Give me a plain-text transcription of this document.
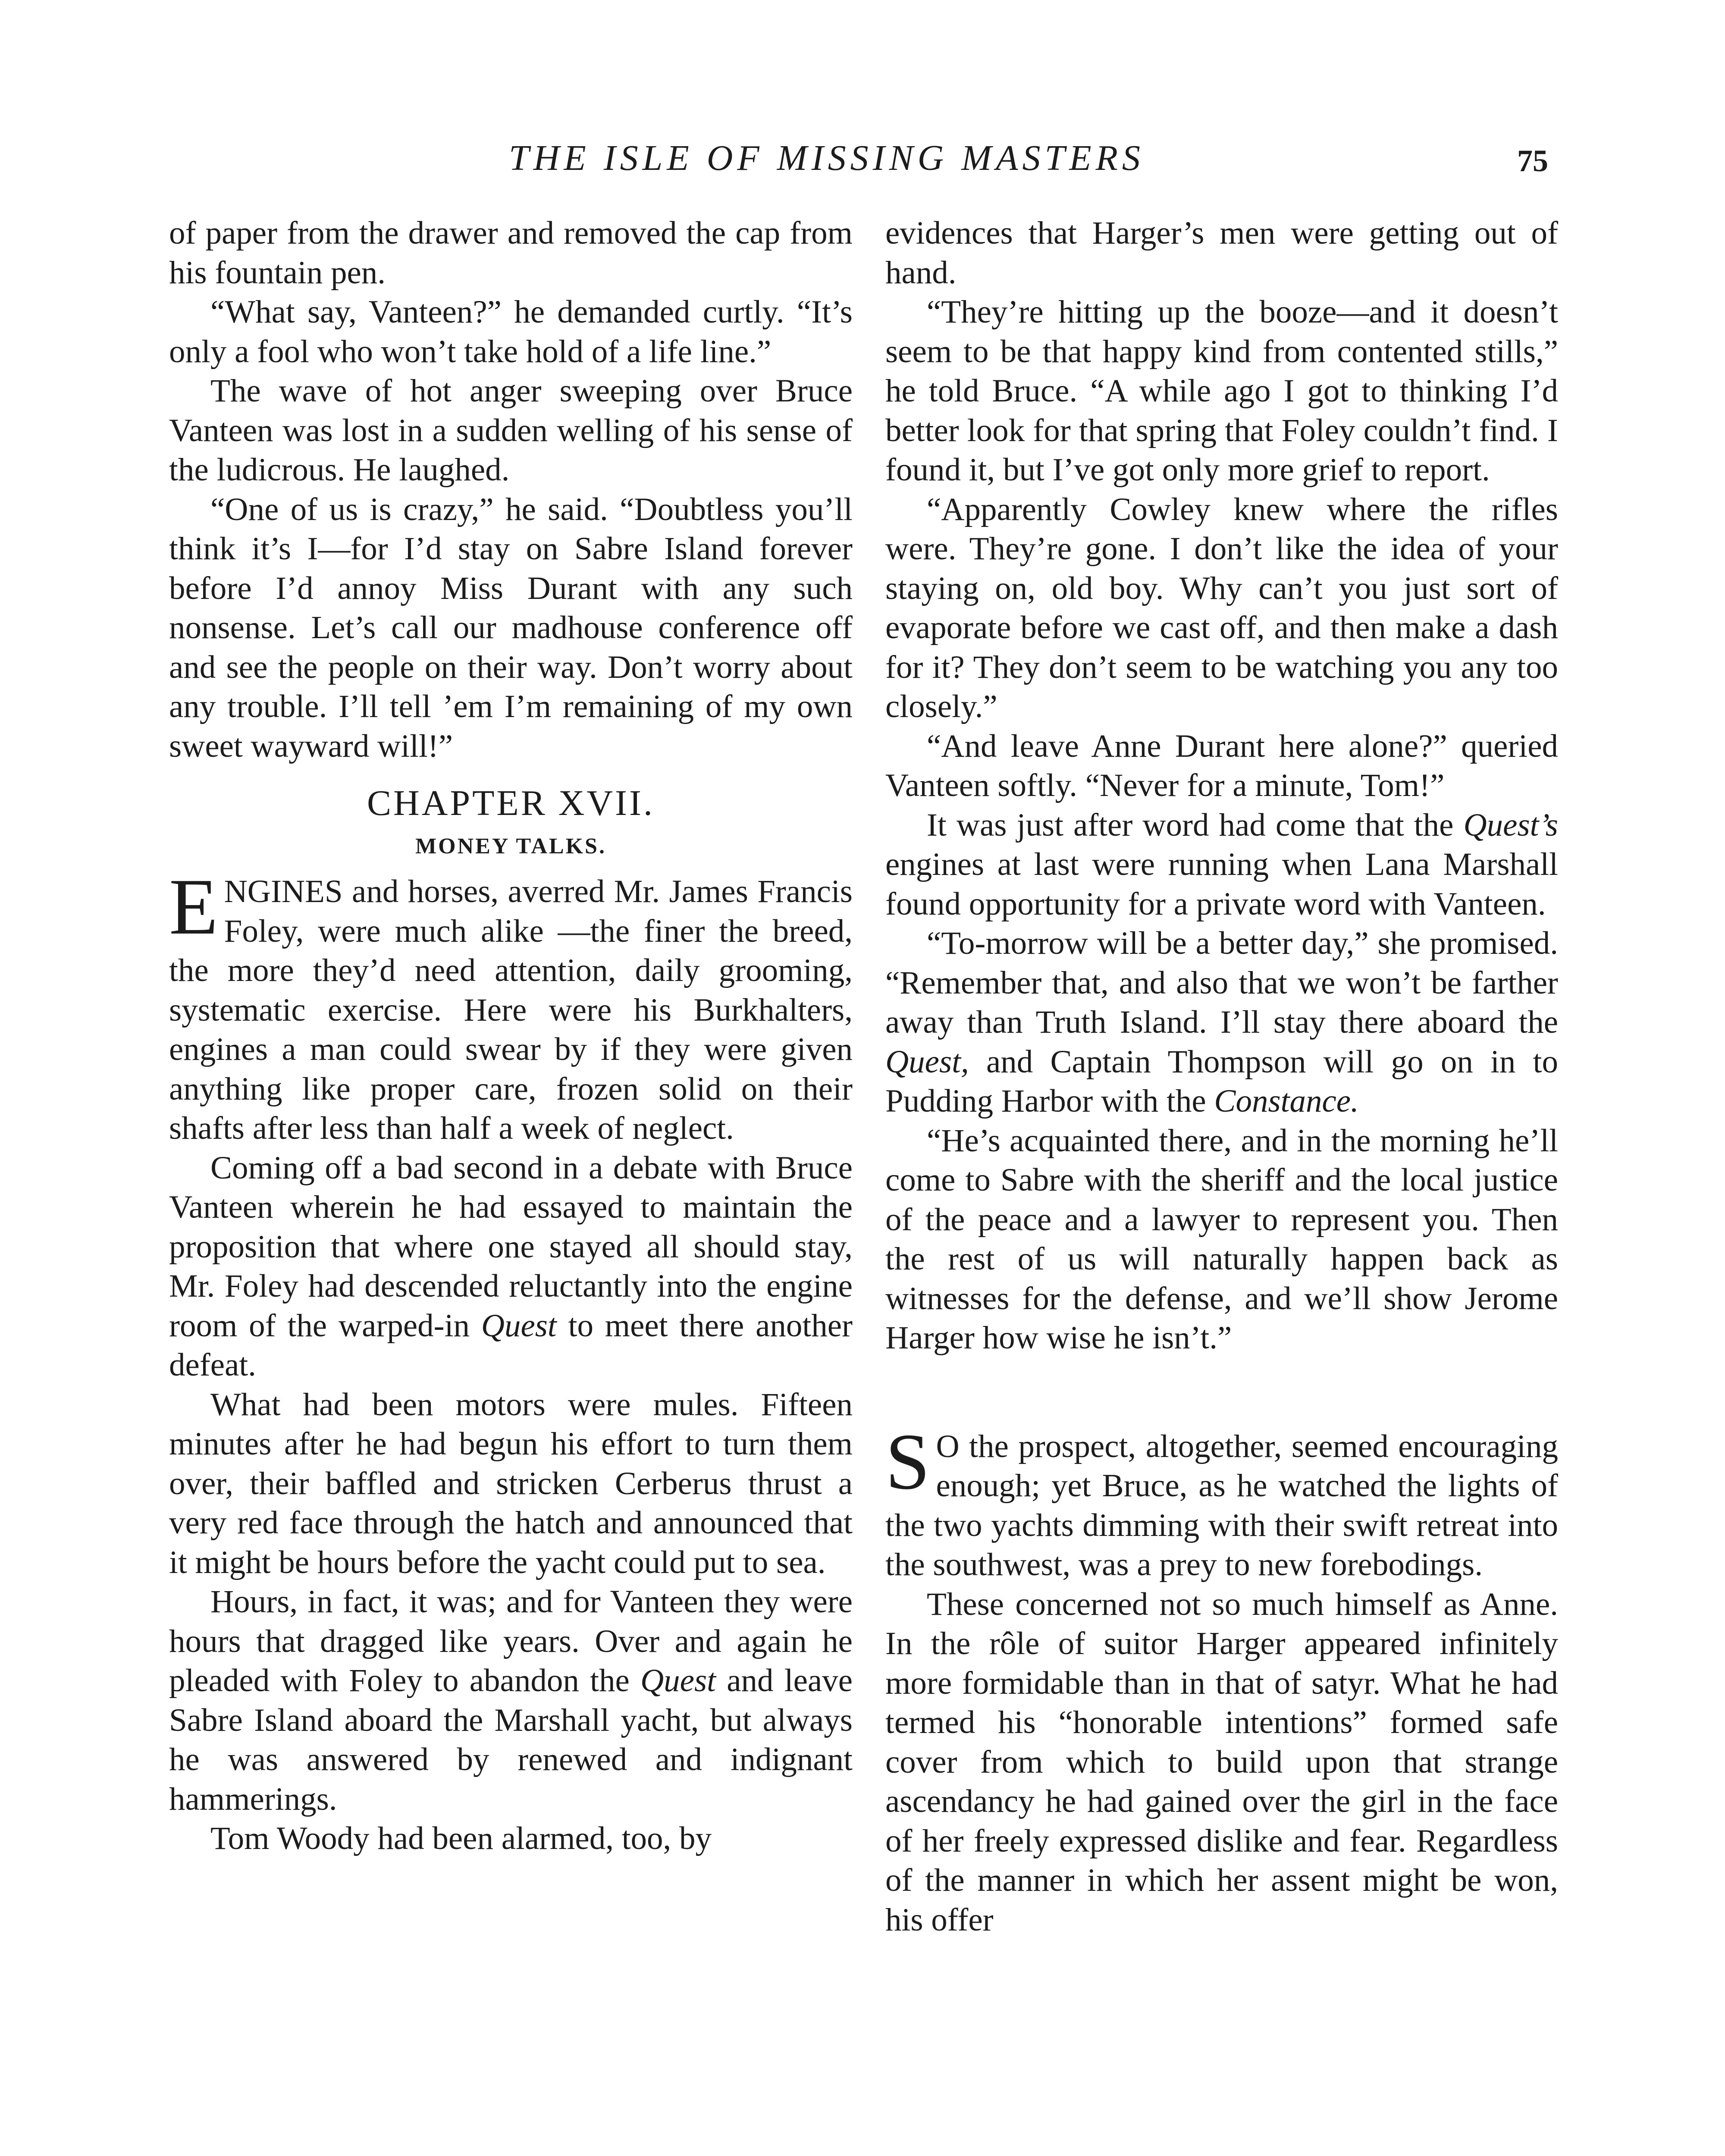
THE ISLE OF MISSING MASTERS	75

of paper from the drawer and removed the cap from his fountain pen.

“What say, Vanteen?” he demanded curtly. “It’s only a fool who won’t take hold of a life line.”

The wave of hot anger sweeping over Bruce Vanteen was lost in a sudden welling of his sense of the ludicrous. He laughed.

“One of us is crazy,” he said. “Doubtless you’ll think it’s I—for I’d stay on Sabre Island forever before I’d annoy Miss Durant with any such nonsense. Let’s call our madhouse conference off and see the people on their way. Don’t worry about any trouble. I’ll tell ’em I’m remaining of my own sweet wayward will!”

CHAPTER XVII.
MONEY TALKS.

ENGINES and horses, averred Mr. James Francis Foley, were much alike —the finer the breed, the more they’d need attention, daily grooming, systematic exercise. Here were his Burkhalters, engines a man could swear by if they were given anything like proper care, frozen solid on their shafts after less than half a week of neglect.

Coming off a bad second in a debate with Bruce Vanteen wherein he had essayed to maintain the proposition that where one stayed all should stay, Mr. Foley had descended reluctantly into the engine room of the warped-in Quest to meet there another defeat.

What had been motors were mules. Fifteen minutes after he had begun his effort to turn them over, their baffled and stricken Cerberus thrust a very red face through the hatch and announced that it might be hours before the yacht could put to sea.

Hours, in fact, it was; and for Vanteen they were hours that dragged like years. Over and again he pleaded with Foley to abandon the Quest and leave Sabre Island aboard the Marshall yacht, but always he was answered by renewed and indignant hammerings.

Tom Woody had been alarmed, too, by

evidences that Harger’s men were getting out of hand.

“They’re hitting up the booze—and it doesn’t seem to be that happy kind from contented stills,” he told Bruce. “A while ago I got to thinking I’d better look for that spring that Foley couldn’t find. I found it, but I’ve got only more grief to report.

“Apparently Cowley knew where the rifles were. They’re gone. I don’t like the idea of your staying on, old boy. Why can’t you just sort of evaporate before we cast off, and then make a dash for it? They don’t seem to be watching you any too closely.”

“And leave Anne Durant here alone?” queried Vanteen softly. “Never for a minute, Tom!”

It was just after word had come that the Quest’s engines at last were running when Lana Marshall found opportunity for a private word with Vanteen.

“To-morrow will be a better day,” she promised. “Remember that, and also that we won’t be farther away than Truth Island. I’ll stay there aboard the Quest, and Captain Thompson will go on in to Pudding Harbor with the Constance.

“He’s acquainted there, and in the morning he’ll come to Sabre with the sheriff and the local justice of the peace and a lawyer to represent you. Then the rest of us will naturally happen back as witnesses for the defense, and we’ll show Jerome Harger how wise he isn’t.”

S O the prospect, altogether, seemed encouraging enough; yet Bruce, as he watched the lights of the two yachts dimming with their swift retreat into the southwest, was a prey to new forebodings.

These concerned not so much himself as Anne. In the rôle of suitor Harger appeared infinitely more formidable than in that of satyr. What he had termed his “honorable intentions” formed safe cover from which to build upon that strange ascendancy he had gained over the girl in the face of her freely expressed dislike and fear. Regardless of the manner in which her assent might be won, his offer
